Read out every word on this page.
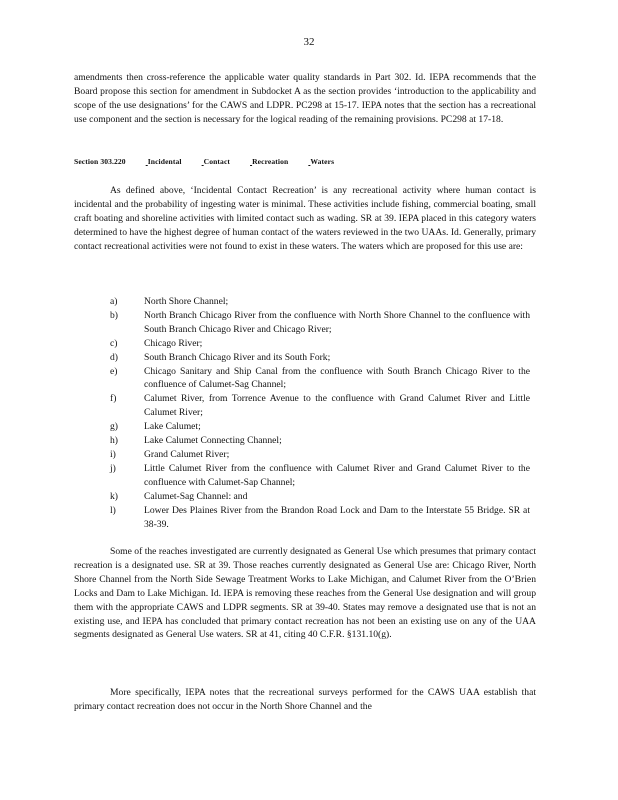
32

amendments then cross-reference the applicable water quality standards in Part 302. Id. IEPA recommends that the Board propose this section for amendment in Subdocket A as the section provides ‘introduction to the applicability and scope of the use designations’ for the CAWS and LDPR. PC298 at 15-17. IEPA notes that the section has a recreational use component and the section is necessary for the logical reading of the remaining provisions. PC298 at 17-18.

Section 303.220	Incidental	Contact	Recreation	Waters

As defined above, ‘Incidental Contact Recreation’ is any recreational activity where human contact is incidental and the probability of ingesting water is minimal. These activities include fishing, commercial boating, small craft boating and shoreline activities with limited contact such as wading. SR at 39. IEPA placed in this category waters determined to have the highest degree of human contact of the waters reviewed in the two UAAs. Id. Generally, primary contact recreational activities were not found to exist in these waters. The waters which are proposed for this use are:

a)	North Shore Channel;
b)	North Branch Chicago River from the confluence with North Shore Channel to the confluence with South Branch Chicago River and Chicago River;
c)	Chicago River;
d)	South Branch Chicago River and its South Fork;
e)	Chicago Sanitary and Ship Canal from the confluence with South Branch Chicago River to the confluence of Calumet-Sag Channel;
f)	Calumet River, from Torrence Avenue to the confluence with Grand Calumet River and Little Calumet River;
g)	Lake Calumet;
h)	Lake Calumet Connecting Channel;
i)	Grand Calumet River;
j)	Little Calumet River from the confluence with Calumet River and Grand Calumet River to the confluence with Calumet-Sap Channel;
k)	Calumet-Sag Channel: and
l)	Lower Des Plaines River from the Brandon Road Lock and Dam to the Interstate 55 Bridge. SR at 38-39.

Some of the reaches investigated are currently designated as General Use which presumes that primary contact recreation is a designated use. SR at 39. Those reaches currently designated as General Use are: Chicago River, North Shore Channel from the North Side Sewage Treatment Works to Lake Michigan, and Calumet River from the O’Brien Locks and Dam to Lake Michigan. Id. IEPA is removing these reaches from the General Use designation and will group them with the appropriate CAWS and LDPR segments. SR at 39-40. States may remove a designated use that is not an existing use, and IEPA has concluded that primary contact recreation has not been an existing use on any of the UAA segments designated as General Use waters. SR at 41, citing 40 C.F.R. §131.10(g).

More specifically, IEPA notes that the recreational surveys performed for the CAWS UAA establish that primary contact recreation does not occur in the North Shore Channel and the
